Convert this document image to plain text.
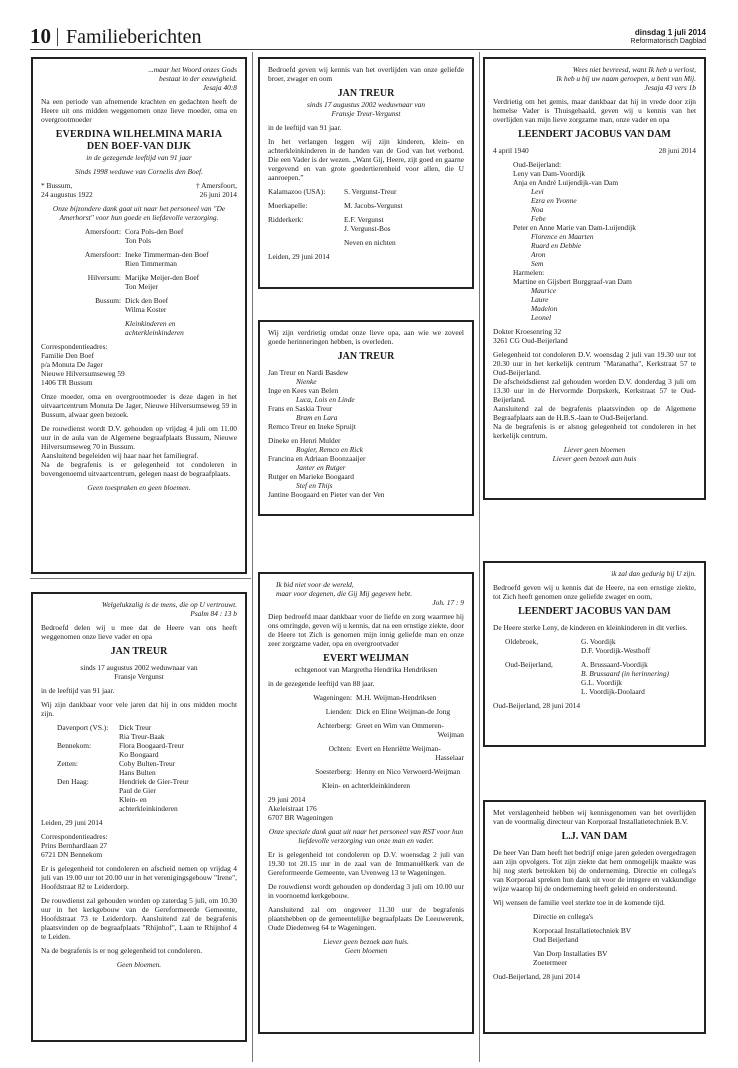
10 Familieberichten	dinsdag 1 juli 2014
Reformatorisch Dagblad

...maar het Woord onzes Gods

bestaat in der eeuwigheid.

Jesaja 40:8

Na een periode van afnemende krachten en gedachten heeft de Heere uit ons midden weggenomen onze lieve moeder, oma en overgrootmoeder

EVERDINA WILHELMINA MARIA

DEN BOEF-VAN DIJK

in de gezegende leeftijd van 91 jaar

Sinds 1998 weduwe van Cornelis den Boef.

* Bussum,

24 augustus 1922

† Amersfoort,

26 juni 2014

Onze bijzondere dank gaat uit naar het personeel van "De Amerhorst" voor hun goede en liefdevolle verzorging.

Amersfoort: Cora Pols-den Boef
Ton Pols
Amersfoort: Ineke Timmerman-den Boef
Rien Timmerman
Hilversum: Marijke Meijer-den Boef
Ton Meijer
Bussum: Dick den Boef
Wilma Koster
Kleinkinderen en
achterkleinkinderen

Correspondentieadres:

Familie Den Boef

p/a Monuta De Jager

Nieuwe Hilversumseweg 59

1406 TR Bussum

Onze moeder, oma en overgrootmoeder is deze dagen in het uitvaartcentrum Monuta De Jager, Nieuwe Hilversumseweg 59 in Bussum, alwaar geen bezoek.

De rouwdienst wordt D.V. gehouden op vrijdag 4 juli om 11.00 uur in de aula van de Algemene begraafplaats Bussum, Nieuwe Hilversumseweg 70 in Bussum.

Aansluitend begeleiden wij haar naar het familiegraf.

Na de begrafenis is er gelegenheid tot condoleren in bovengenoemd uitvaartcentrum, gelegen naast de begraafplaats.

Geen toespraken en geen bloemen.

Bedroefd geven wij kennis van het overlijden van onze geliefde broer, zwager en oom

JAN TREUR

sinds 17 augustus 2002 weduwnaar van

Fransje Treur-Vergunst

in de leeftijd van 91 jaar.

In het verlangen leggen wij zijn kinderen, klein- en achterkleinkinderen in de handen van de God van het verbond. Die een Vader is der wezen. „Want Gij, Heere, zijt goed en gaarne vergevend en van grote goedertierenheid voor allen, die U aanroepen.”

Kalamazoo (USA):	S. Vergunst-Treur
Moerkapelle:	M. Jacobs-Vergunst
Ridderkerk:	E.F. Vergunst
J. Vergunst-Bos
Neven en nichten

Leiden, 29 juni 2014

Wij zijn verdrietig omdat onze lieve opa, aan wie we zoveel goede herinneringen hebben, is overleden.

JAN TREUR

Jan Treur en Nardi Basdew

Nienke

Inge en Kees van Belen

Luca, Lois en Linde

Frans en Saskia Treur

Bram en Lara

Remco Treur en Ineke Spruijt

Dineke en Henri Mulder

Rogier, Remco en Rick

Francina en Adriaan Boonzaaijer

Janter en Rutger

Rutger en Marieke Boogaard

Stef en Thijs

Jantine Boogaard en Pieter van der Ven

Wees niet bevreesd, want Ik heb u verlost,

Ik heb u bij uw naam geroepen, u bent van Mij.

Jesaja 43 vers 1b

Verdrietig om het gemis, maar dankbaar dat hij in vrede door zijn hemelse Vader is Thuisgehaald, geven wij u kennis van het overlijden van mijn lieve zorgzame man, onze vader en opa

LEENDERT JACOBUS VAN DAM

4 april 1940	28 juni 2014

Oud-Beijerland:

Leny van Dam-Voordijk

Anja en André Luijendijk-van Dam

Levi

Ezra en Yvonne

Noa

Febe

Peter en Anne Marie van Dam-Luijendijk

Florence en Maarten

Ruard en Debbie

Aron

Sem

Harmelen:

Martine en Gijsbert Burggraaf-van Dam

Maurice

Laure

Madelon

Leonel

Dokter Kroesenring 32

3261 CG Oud-Beijerland

Gelegenheid tot condoleren D.V. woensdag 2 juli van 19.30 uur tot 20.30 uur in het kerkelijk centrum "Maranatha", Kerkstraat 57 te Oud-Beijerland.

De afscheidsdienst zal gehouden worden D.V. donderdag 3 juli om 13.30 uur in de Hervormde Dorpskerk, Kerkstraat 57 te Oud-Beijerland.

Aansluitend zal de begrafenis plaatsvinden op de Algemene Begraafplaats aan de H.B.S.-laan te Oud-Beijerland.

Na de begrafenis is er alsnog gelegenheid tot condoleren in het kerkelijk centrum.

Liever geen bloemen

Liever geen bezoek aan huis

Welgelukzalig is de mens, die op U vertrouwt.

Psalm 84 : 13 b

Bedroefd delen wij u mee dat de Heere van ons heeft weggenomen onze lieve vader en opa

JAN TREUR

sinds 17 augustus 2002 weduwnaar van

Fransje Vergunst

in de leeftijd van 91 jaar.

Wij zijn dankbaar voor vele jaren dat hij in ons midden mocht zijn.

Davenport (VS.):	Dick Treur
Ria Treur-Baak
Bennekom:	Flora Boogaard-Treur
Ko Boogaard
Zetten:	Coby Bulten-Treur
Hans Bulten
Den Haag:	Hendriek de Gier-Treur
Paul de Gier
Klein- en
achterkleinkinderen

Leiden, 29 juni 2014

Correspondentieadres:

Prins Bernhardlaan 27

6721 DN Bennekom

Er is gelegenheid tot condoleren en afscheid nemen op vrijdag 4 juli van 19.00 uur tot 20.00 uur in het verenigingsgebouw "Irene", Hoofdstraat 82 te Leiderdorp.

De rouwdienst zal gehouden worden op zaterdag 5 juli, om 10.30 uur in het kerkgebouw van de Gereformeerde Gemeente, Hoofdstraat 73 te Leiderdorp. Aansluitend zal de begrafenis plaatsvinden op de begraafplaats "Rhijnhof", Laan te Rhijnhof 4 te Leiden.

Na de begrafenis is er nog gelegenheid tot condoleren.

Geen bloemen.

Ik bid niet voor de wereld,

maar voor degenen, die Gij Mij gegeven hebt.

Joh. 17 : 9

Diep bedroefd maar dankbaar voor de liefde en zorg waarmee hij ons omringde, geven wij u kennis, dat na een ernstige ziekte, door de Heere tot Zich is genomen mijn innig geliefde man en onze zeer zorgzame vader, opa en overgrootvader

EVERT WEIJMAN

echtgenoot van Margretha Hendrika Hendriksen

in de gezegende leeftijd van 88 jaar.

Wageningen: M.H. Weijman-Hendriksen
Lienden: Dick en Eline Weijman-de Jong
Achterberg: Greet en Wim van Ommeren-

Weijman
Ochten: Evert en Henriëtte Weijman-

Hasselaar
Soesterberg: Henny en Nico Verwoerd-Weijman

Klein- en achterkleinkinderen

29 juni 2014

Akeleistraat 176

6707 BR Wageningen

Onze speciale dank gaat uit naar het personeel van RST voor hun liefdevolle verzorging van onze man en vader.

Er is gelegenheid tot condoleren op D.V. woensdag 2 juli van 19.30 tot 20.15 uur in de zaal van de Immanuëlkerk van de Gereformeerde Gemeente, van Uvenweg 13 te Wageningen.

De rouwdienst wordt gehouden op donderdag 3 juli om 10.00 uur in voornoemd kerkgebouw.

Aansluitend zal om ongeveer 11.30 uur de begrafenis plaatshebben op de gemeentelijke begraafplaats De Leeuwerenk, Oude Diedenweg 64 te Wageningen.

Liever geen bezoek aan huis.

Geen bloemen

ik zal dan gedurig bij U zijn.

Bedroefd geven wij u kennis dat de Heere, na een ernstige ziekte, tot Zich heeft genomen onze geliefde zwager en oom,

LEENDERT JACOBUS VAN DAM

De Heere sterke Leny, de kinderen en kleinkinderen in dit verlies.

Oldebroek,	G. Voordijk
D.F. Voordijk-Westhoff
Oud-Beijerland,	A. Brussaard-Voordijk
B. Brussaard (in herinnering)
G.L. Voordijk
L. Voordijk-Doolaard

Oud-Beijerland, 28 juni 2014

Met verslagenheid hebben wij kennisgenomen van het overlijden van de voormalig directeur van Korporaal Installatietechniek B.V.

L.J. VAN DAM

De heer Van Dam heeft het bedrijf enige jaren geleden overgedragen aan zijn opvolgers. Tot zijn ziekte dat hem onmogelijk maakte was hij nog sterk betrokken bij de onderneming. Directie en collega's van Korporaal spreken hun dank uit voor de integere en vakkundige wijze waarop hij de onderneming heeft geleid en ondersteund.

Wij wensen de familie veel sterkte toe in de komende tijd.

Directie en collega's

Korporaal Installatietechniek BV

Oud Beijerland

Van Dorp Installaties BV

Zoetermeer

Oud-Beijerland, 28 juni 2014
